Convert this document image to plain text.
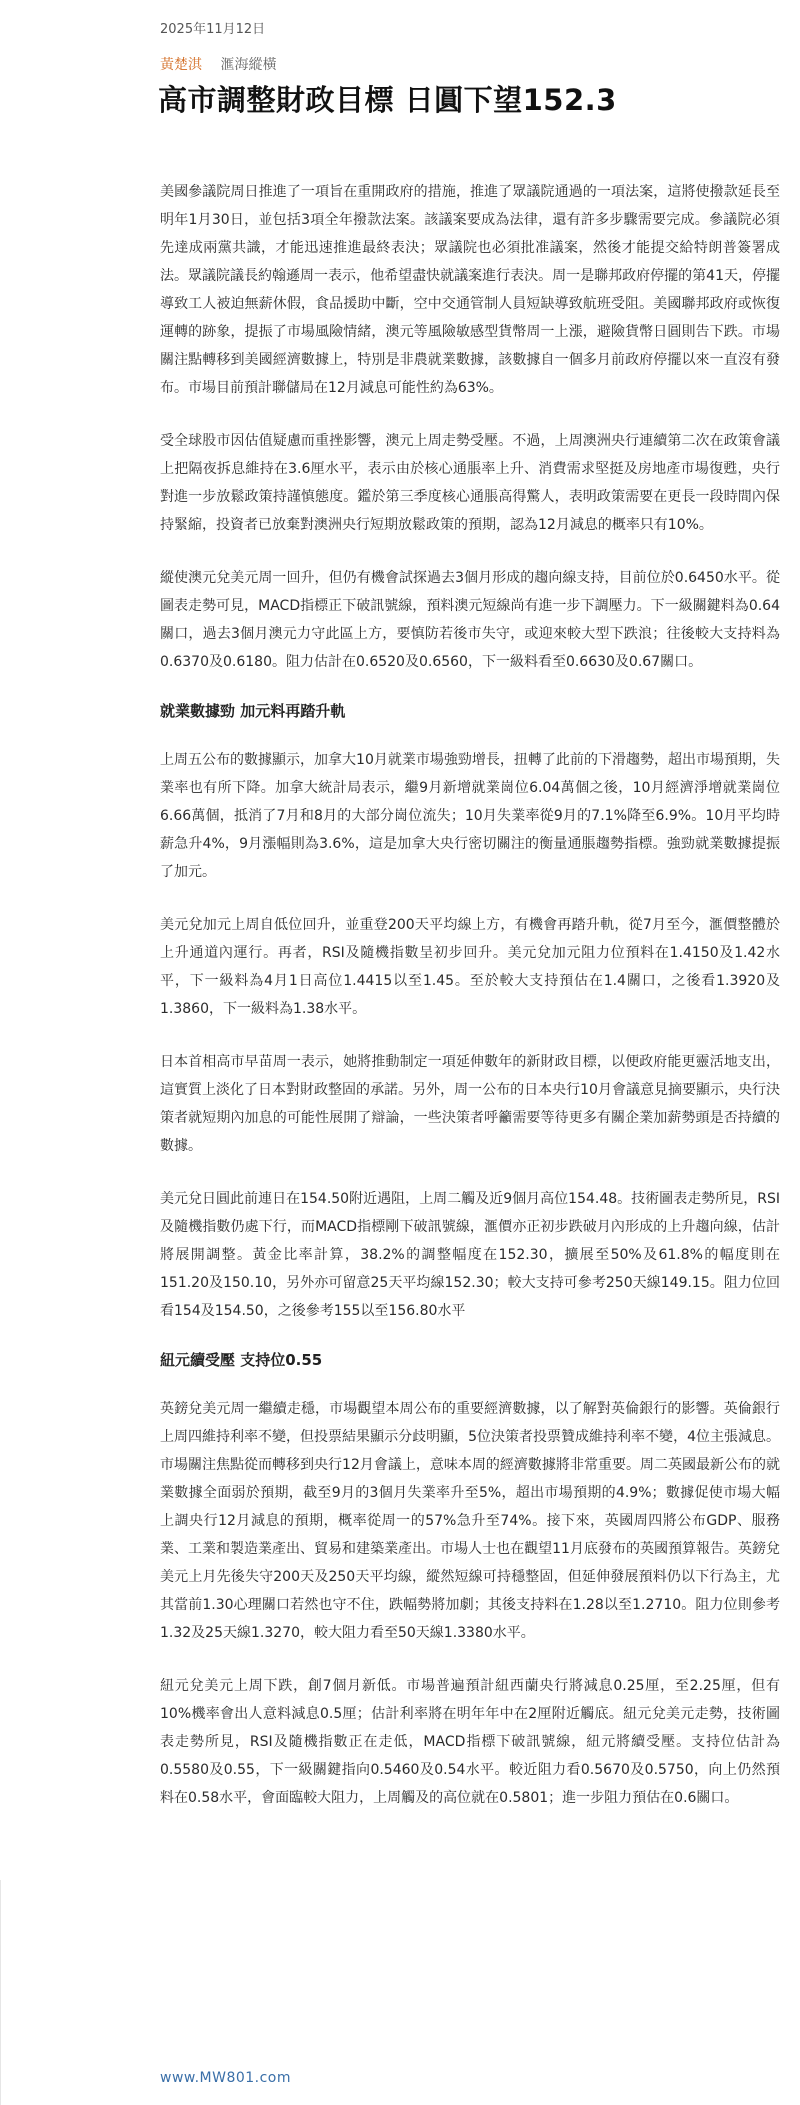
2025年11月12日
黃楚淇 滙海縱橫
高市調整財政目標 日圓下望152.3

美國參議院周日推進了一項旨在重開政府的措施，推進了眾議院通過的一項法案，這將使撥款延長至明年1月30日，並包括3項全年撥款法案。該議案要成為法律，還有許多步驟需要完成。參議院必須先達成兩黨共識，才能迅速推進最終表決；眾議院也必須批准議案，然後才能提交給特朗普簽署成法。眾議院議長約翰遜周一表示，他希望盡快就議案進行表決。周一是聯邦政府停擺的第41天，停擺導致工人被迫無薪休假，食品援助中斷，空中交通管制人員短缺導致航班受阻。美國聯邦政府或恢復運轉的跡象，提振了市場風險情緒，澳元等風險敏感型貨幣周一上漲，避險貨幣日圓則告下跌。市場關注點轉移到美國經濟數據上，特別是非農就業數據，該數據自一個多月前政府停擺以來一直沒有發布。市場目前預計聯儲局在12月減息可能性約為63%。

受全球股市因估值疑慮而重挫影響，澳元上周走勢受壓。不過，上周澳洲央行連續第二次在政策會議上把隔夜拆息維持在3.6厘水平，表示由於核心通脹率上升、消費需求堅挺及房地產市場復甦，央行對進一步放鬆政策持謹慎態度。鑑於第三季度核心通脹高得驚人，表明政策需要在更長一段時間內保持緊縮，投資者已放棄對澳洲央行短期放鬆政策的預期，認為12月減息的概率只有10%。

縱使澳元兌美元周一回升，但仍有機會試探過去3個月形成的趨向線支持，目前位於0.6450水平。從圖表走勢可見，MACD指標正下破訊號線，預料澳元短線尚有進一步下調壓力。下一級關鍵料為0.64關口，過去3個月澳元力守此區上方，要慎防若後市失守，或迎來較大型下跌浪；往後較大支持料為0.6370及0.6180。阻力估計在0.6520及0.6560，下一級料看至0.6630及0.67關口。

就業數據勁 加元料再踏升軌

上周五公布的數據顯示，加拿大10月就業市場強勁增長，扭轉了此前的下滑趨勢，超出市場預期，失業率也有所下降。加拿大統計局表示，繼9月新增就業崗位6.04萬個之後，10月經濟淨增就業崗位6.66萬個，抵消了7月和8月的大部分崗位流失；10月失業率從9月的7.1%降至6.9%。10月平均時薪急升4%，9月漲幅則為3.6%，這是加拿大央行密切關注的衡量通脹趨勢指標。強勁就業數據提振了加元。

美元兌加元上周自低位回升，並重登200天平均線上方，有機會再踏升軌，從7月至今，滙價整體於上升通道內運行。再者，RSI及隨機指數呈初步回升。美元兌加元阻力位預料在1.4150及1.42水平，下一級料為4月1日高位1.4415以至1.45。至於較大支持預估在1.4關口，之後看1.3920及1.3860，下一級料為1.38水平。

日本首相高市早苗周一表示，她將推動制定一項延伸數年的新財政目標，以便政府能更靈活地支出，這實質上淡化了日本對財政整固的承諾。另外，周一公布的日本央行10月會議意見摘要顯示，央行決策者就短期內加息的可能性展開了辯論，一些決策者呼籲需要等待更多有關企業加薪勢頭是否持續的數據。

美元兌日圓此前連日在154.50附近遇阻，上周二觸及近9個月高位154.48。技術圖表走勢所見，RSI及隨機指數仍處下行，而MACD指標剛下破訊號線，滙價亦正初步跌破月內形成的上升趨向線，估計將展開調整。黃金比率計算，38.2%的調整幅度在152.30，擴展至50%及61.8%的幅度則在151.20及150.10，另外亦可留意25天平均線152.30；較大支持可參考250天線149.15。阻力位回看154及154.50，之後參考155以至156.80水平

紐元續受壓 支持位0.55

英鎊兌美元周一繼續走穩，市場觀望本周公布的重要經濟數據，以了解對英倫銀行的影響。英倫銀行上周四維持利率不變，但投票結果顯示分歧明顯，5位決策者投票贊成維持利率不變，4位主張減息。市場關注焦點從而轉移到央行12月會議上，意味本周的經濟數據將非常重要。周二英國最新公布的就業數據全面弱於預期，截至9月的3個月失業率升至5%，超出市場預期的4.9%；數據促使市場大幅上調央行12月減息的預期，概率從周一的57%急升至74%。接下來，英國周四將公布GDP、服務業、工業和製造業產出、貿易和建築業產出。市場人士也在觀望11月底發布的英國預算報告。英鎊兌美元上月先後失守200天及250天平均線，縱然短線可持穩整固，但延伸發展預料仍以下行為主，尤其當前1.30心理關口若然也守不住，跌幅勢將加劇；其後支持料在1.28以至1.2710。阻力位則參考1.32及25天線1.3270，較大阻力看至50天線1.3380水平。

紐元兌美元上周下跌，創7個月新低。市場普遍預計紐西蘭央行將減息0.25厘，至2.25厘，但有10%機率會出人意料減息0.5厘；估計利率將在明年年中在2厘附近觸底。紐元兌美元走勢，技術圖表走勢所見，RSI及隨機指數正在走低，MACD指標下破訊號線，紐元將續受壓。支持位估計為0.5580及0.55，下一級關鍵指向0.5460及0.54水平。較近阻力看0.5670及0.5750，向上仍然預料在0.58水平，會面臨較大阻力，上周觸及的高位就在0.5801；進一步阻力預估在0.6關口。

www.MW801.com
